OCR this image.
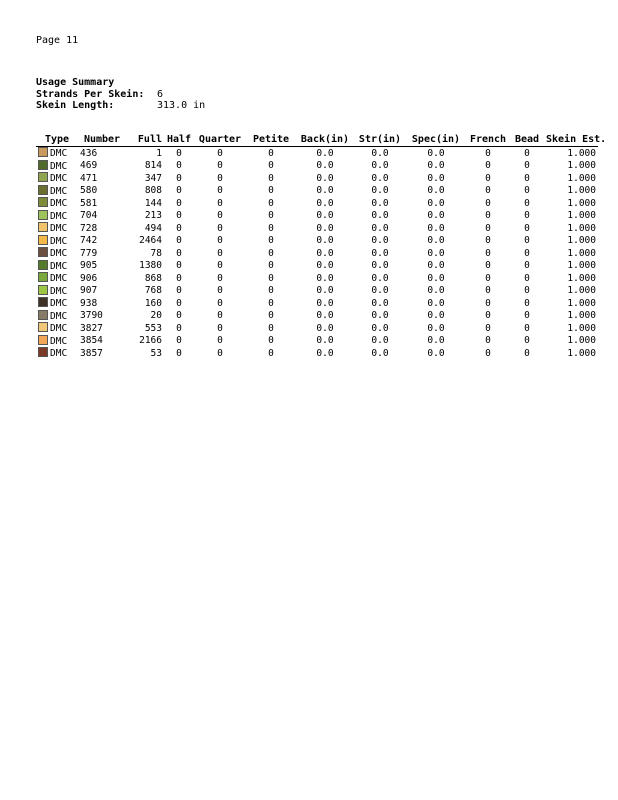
Page 11
Usage Summary
Strands Per Skein:	6
Skein Length:	313.0 in
Type	Number	Full	Half	Quarter	Petite	Back(in)	Str(in)	Spec(in)	French	Bead	Skein Est.
DMC	436	1	0	0	0	0.0	0.0	0.0	0	0	1.000
DMC	469	814	0	0	0	0.0	0.0	0.0	0	0	1.000
DMC	471	347	0	0	0	0.0	0.0	0.0	0	0	1.000
DMC	580	808	0	0	0	0.0	0.0	0.0	0	0	1.000
DMC	581	144	0	0	0	0.0	0.0	0.0	0	0	1.000
DMC	704	213	0	0	0	0.0	0.0	0.0	0	0	1.000
DMC	728	494	0	0	0	0.0	0.0	0.0	0	0	1.000
DMC	742	2464	0	0	0	0.0	0.0	0.0	0	0	1.000
DMC	779	78	0	0	0	0.0	0.0	0.0	0	0	1.000
DMC	905	1380	0	0	0	0.0	0.0	0.0	0	0	1.000
DMC	906	868	0	0	0	0.0	0.0	0.0	0	0	1.000
DMC	907	768	0	0	0	0.0	0.0	0.0	0	0	1.000
DMC	938	160	0	0	0	0.0	0.0	0.0	0	0	1.000
DMC	3790	20	0	0	0	0.0	0.0	0.0	0	0	1.000
DMC	3827	553	0	0	0	0.0	0.0	0.0	0	0	1.000
DMC	3854	2166	0	0	0	0.0	0.0	0.0	0	0	1.000
DMC	3857	53	0	0	0	0.0	0.0	0.0	0	0	1.000
